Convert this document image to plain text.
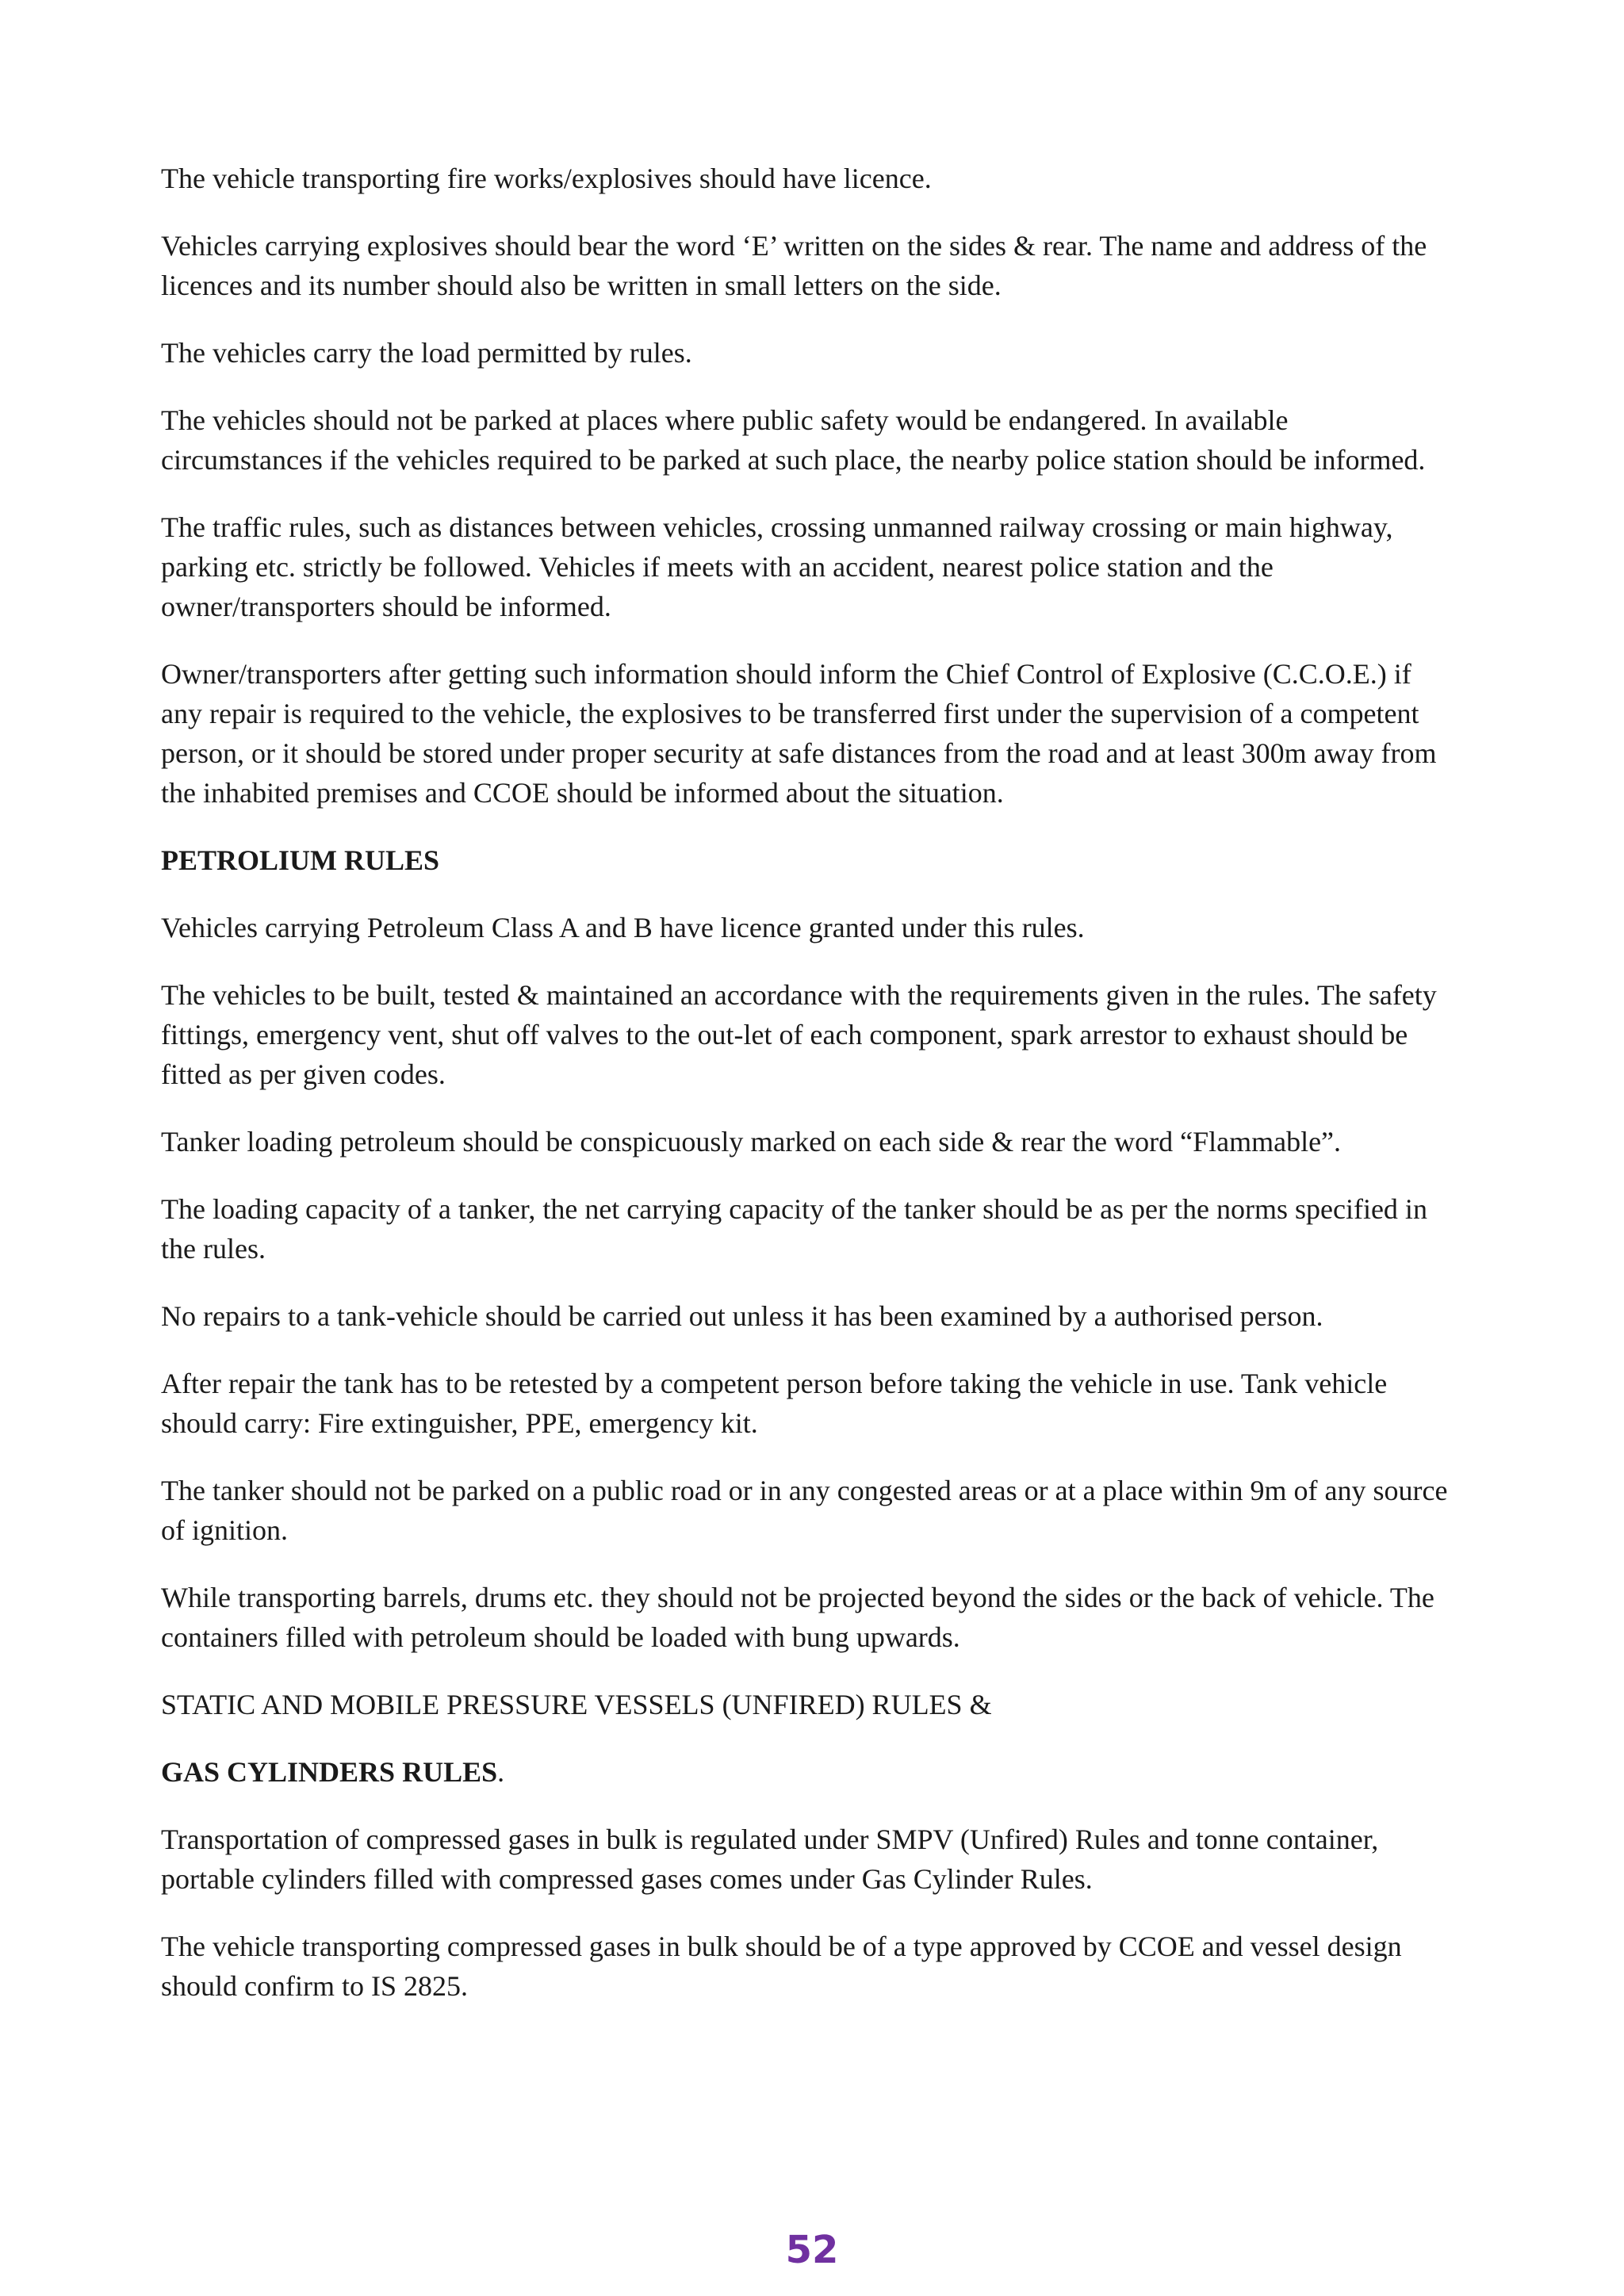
The vehicle transporting fire works/explosives should have licence.

Vehicles carrying explosives should bear the word ‘E’ written on the sides & rear. The name and address of the licences and its number should also be written in small letters on the side.

The vehicles carry the load permitted by rules.

The vehicles should not be parked at places where public safety would be endangered. In available circumstances if the vehicles required to be parked at such place, the nearby police station should be informed.

The traffic rules, such as distances between vehicles, crossing unmanned railway crossing or main highway, parking etc. strictly be followed. Vehicles if meets with an accident, nearest police station and the owner/transporters should be informed.

Owner/transporters after getting such information should inform the Chief Control of Explosive (C.C.O.E.) if any repair is required to the vehicle, the explosives to be transferred first under the supervision of a competent person, or it should be stored under proper security at safe distances from the road and at least 300m away from the inhabited premises and CCOE should be informed about the situation.

PETROLIUM RULES

Vehicles carrying Petroleum Class A and B have licence granted under this rules.

The vehicles to be built, tested & maintained an accordance with the requirements given in the rules. The safety fittings, emergency vent, shut off valves to the out-let of each component, spark arrestor to exhaust should be fitted as per given codes.

Tanker loading petroleum should be conspicuously marked on each side & rear the word “Flammable”.

The loading capacity of a tanker, the net carrying capacity of the tanker should be as per the norms specified in the rules.

No repairs to a tank-vehicle should be carried out unless it has been examined by a authorised person.

After repair the tank has to be retested by a competent person before taking the vehicle in use. Tank vehicle should carry: Fire extinguisher, PPE, emergency kit.

The tanker should not be parked on a public road or in any congested areas or at a place within 9m of any source of ignition.

While transporting barrels, drums etc. they should not be projected beyond the sides or the back of vehicle. The containers filled with petroleum should be loaded with bung upwards.

STATIC AND MOBILE PRESSURE VESSELS (UNFIRED) RULES &

GAS CYLINDERS RULES.

Transportation of compressed gases in bulk is regulated under SMPV (Unfired) Rules and tonne container, portable cylinders filled with compressed gases comes under Gas Cylinder Rules.

The vehicle transporting compressed gases in bulk should be of a type approved by CCOE and vessel design should confirm to IS 2825.

52
